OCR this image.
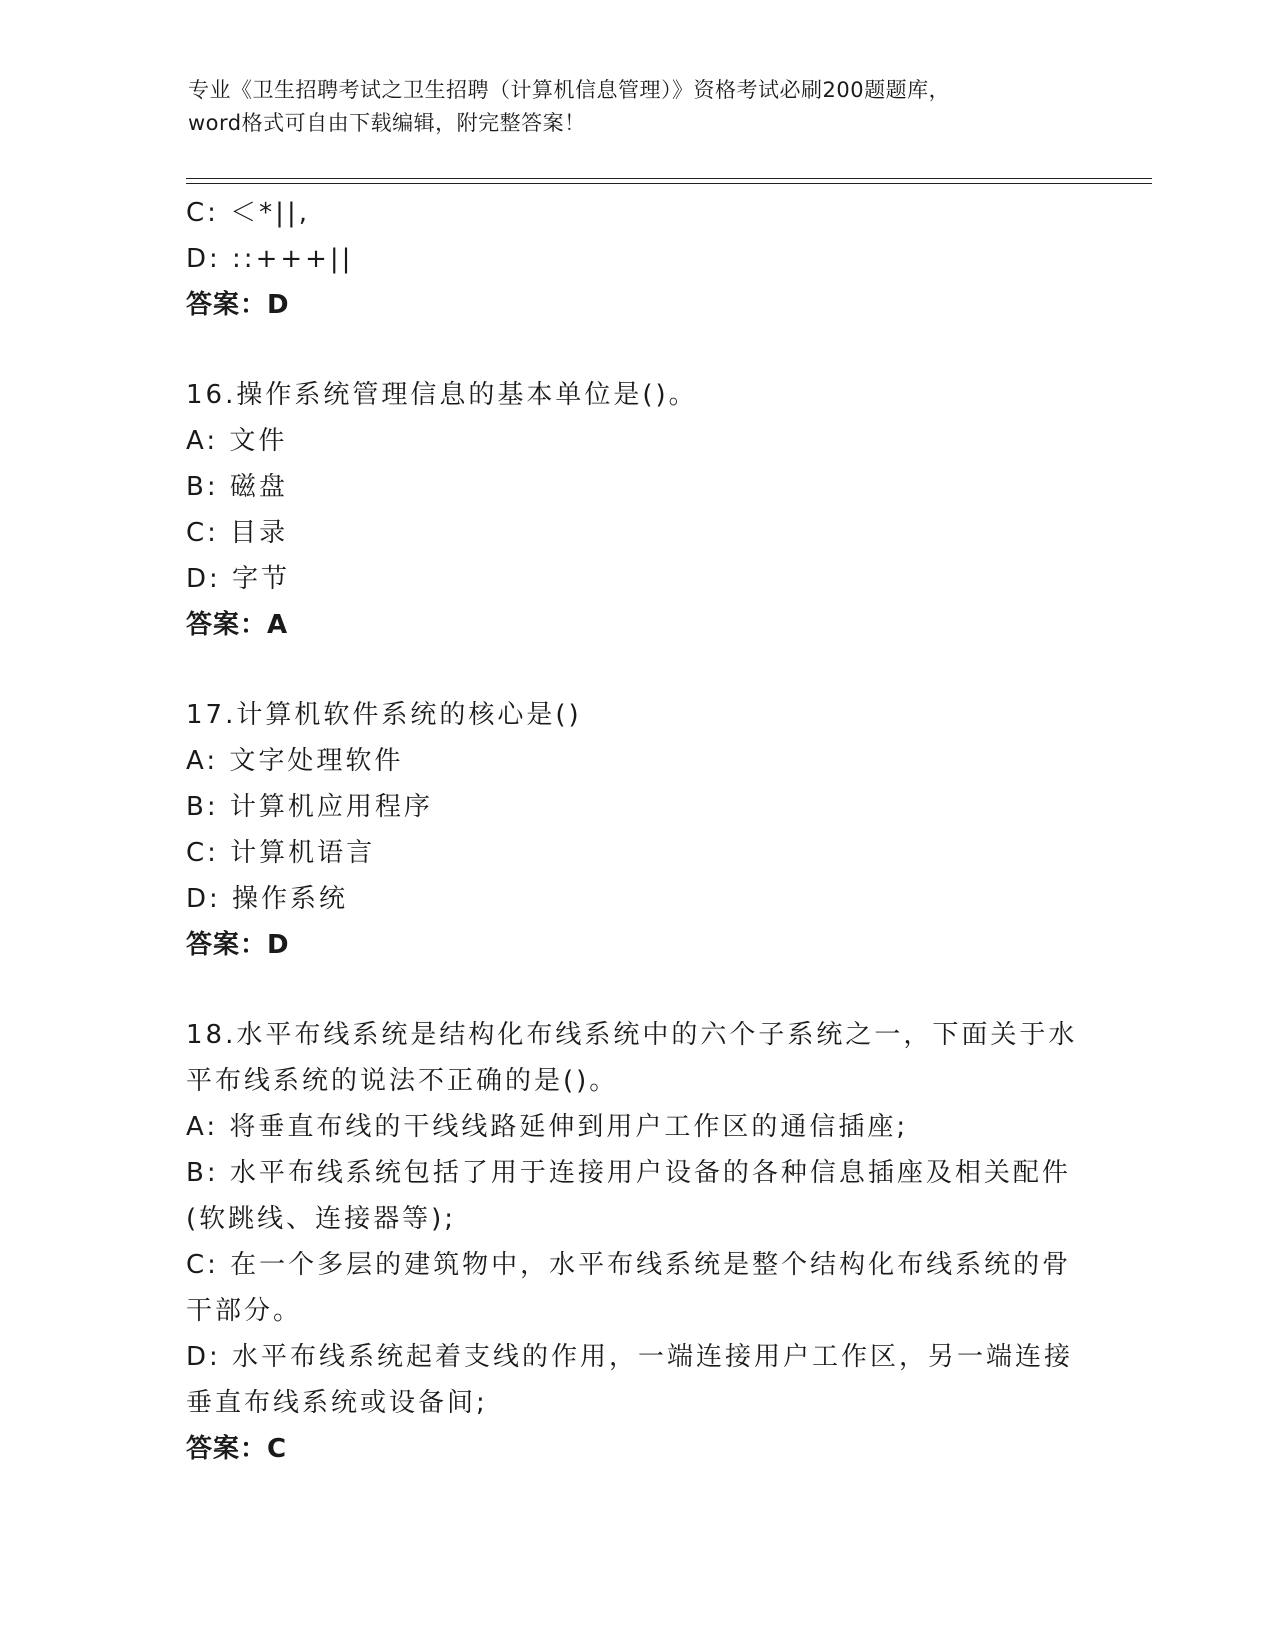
专业《卫生招聘考试之卫生招聘（计算机信息管理）》资格考试必刷200题题库，
word格式可自由下载编辑，附完整答案！
C: ＜*||,
D: ::+++||
答案：D
16.操作系统管理信息的基本单位是()。
A: 文件
B: 磁盘
C: 目录
D: 字节
答案：A
17.计算机软件系统的核心是()
A: 文字处理软件
B: 计算机应用程序
C: 计算机语言
D: 操作系统
答案：D
18.水平布线系统是结构化布线系统中的六个子系统之一，下面关于水
平布线系统的说法不正确的是()。
A: 将垂直布线的干线线路延伸到用户工作区的通信插座;
B: 水平布线系统包括了用于连接用户设备的各种信息插座及相关配件
(软跳线、连接器等);
C: 在一个多层的建筑物中，水平布线系统是整个结构化布线系统的骨
干部分。
D: 水平布线系统起着支线的作用，一端连接用户工作区，另一端连接
垂直布线系统或设备间;
答案：C
